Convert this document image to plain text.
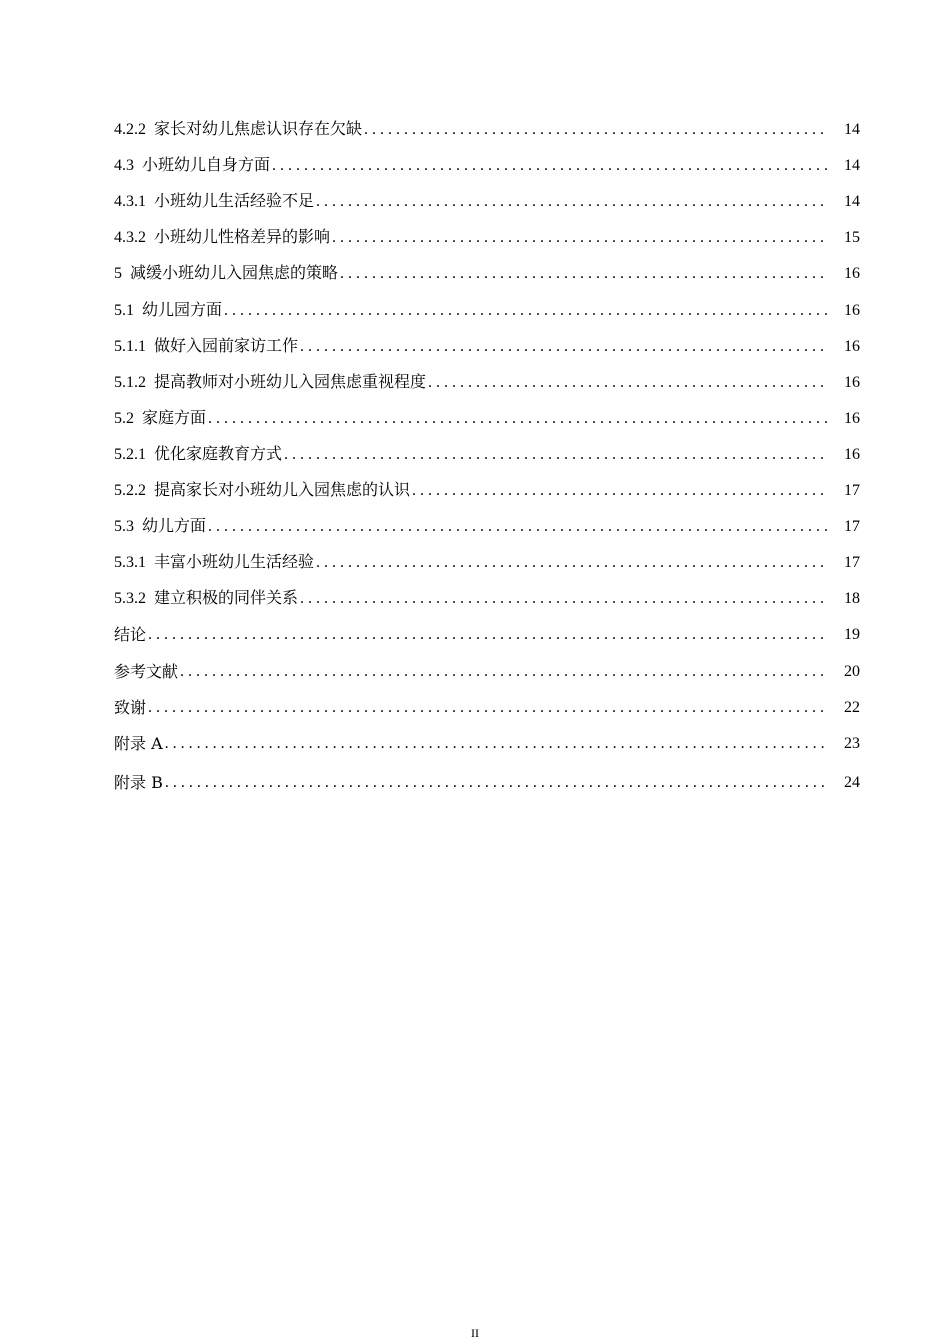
4.2.2 家长对幼儿焦虑认识存在欠缺 . . .	14
4.3 小班幼儿自身方面 . . .	14
4.3.1 小班幼儿生活经验不足 . . .	14
4.3.2 小班幼儿性格差异的影响 . . .	15
5 减缓小班幼儿入园焦虑的策略 . . .	16
5.1 幼儿园方面 . . .	16
5.1.1 做好入园前家访工作 . . .	16
5.1.2 提高教师对小班幼儿入园焦虑重视程度 . . .	16
5.2 家庭方面 . . .	16
5.2.1 优化家庭教育方式 . . .	16
5.2.2 提高家长对小班幼儿入园焦虑的认识 . . .	17
5.3 幼儿方面 . . .	17
5.3.1 丰富小班幼儿生活经验 . . .	17
5.3.2 建立积极的同伴关系 . . .	18
结论 . . .	19
参考文献 . . .	20
致谢 . . .	22
附录 A . . .	23
附录 B . . .	24
II
